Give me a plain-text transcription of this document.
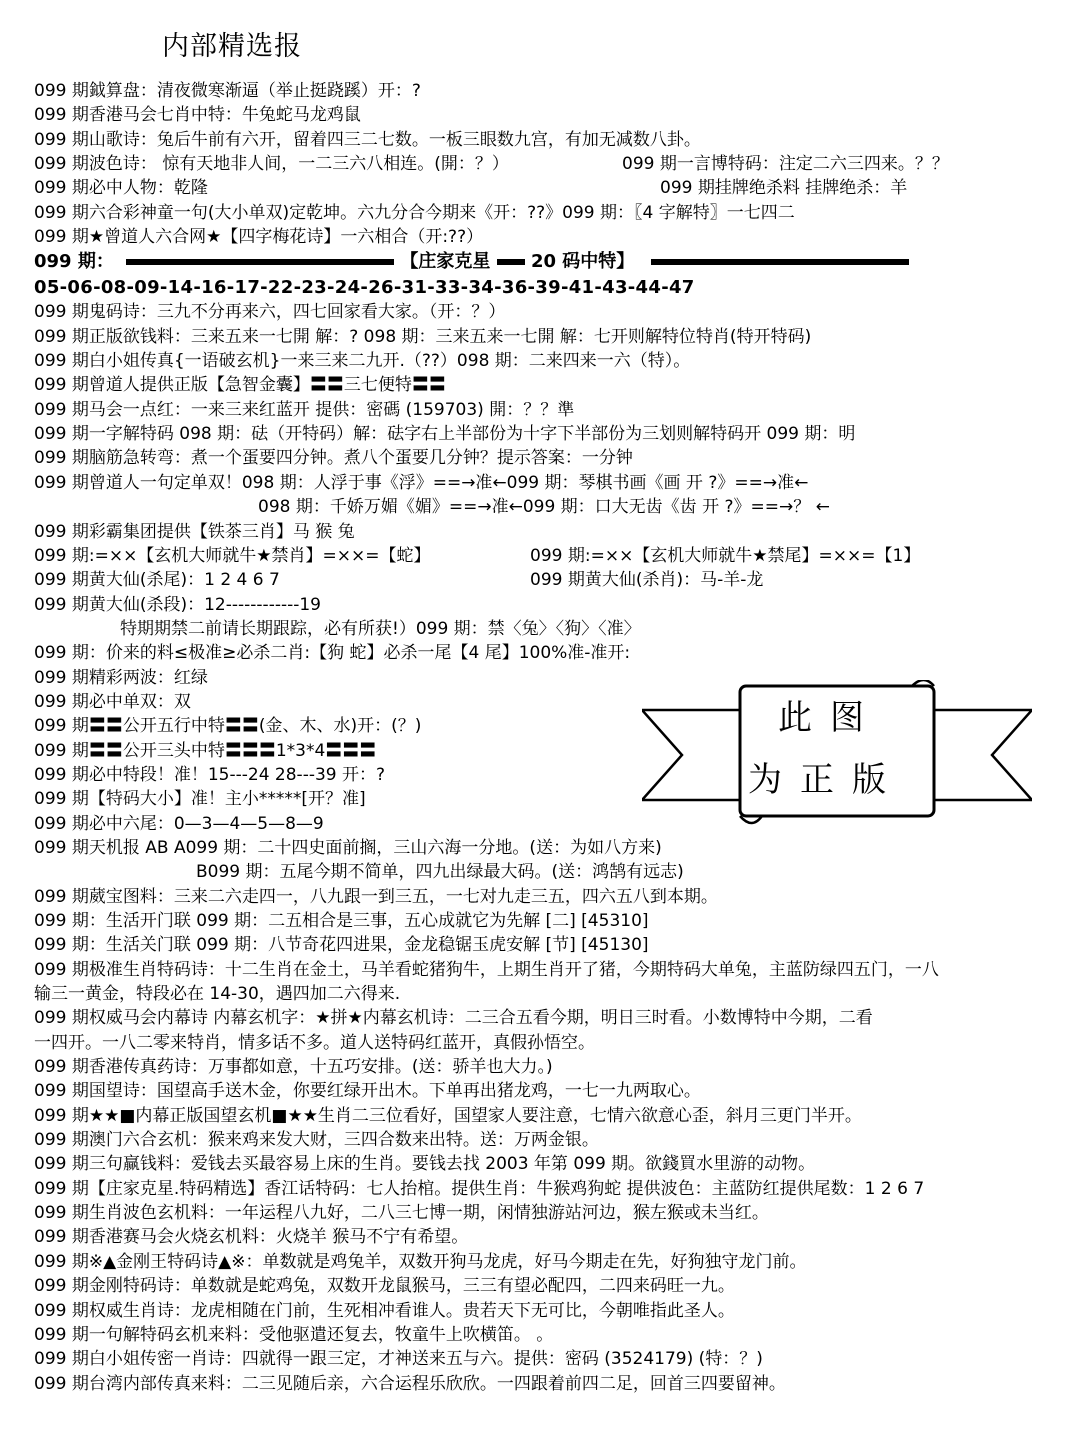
内部精选报
099 期鉞算盘：清夜微寒渐逼（举止挺跷蹊）开：?
099 期香港马会七肖中特：牛兔蛇马龙鸡鼠
099 期山歌诗：兔后牛前有六开，留着四三二七数。一板三眼数九宫，有加无减数八卦。
099 期波色诗： 惊有天地非人间，一二三六八相连。(開：？）	099 期一言博特码：注定二六三四来。？？
099 期必中人物：乾隆	099 期挂牌绝杀料 挂牌绝杀：羊
099 期六合彩神童一句(大小单双)定乾坤。六九分合今期来《开：??》099 期：〖4 字解特〗一七四二
099 期★曾道人六合网★【四字梅花诗】一六相合（开:??）
099 期：	【庄家克星 20 码中特】
05-06-08-09-14-16-17-22-23-24-26-31-33-34-36-39-41-43-44-47
099 期鬼码诗：三九不分再来六，四七回家看大家。（开：？）
099 期正版欲钱料：三来五来一七開 解：? 098 期：三来五来一七開 解：七开则解特位特肖(特开特码)
099 期白小姐传真{一语破玄机}一来三来二九开.（??）098 期：二来四来一六（特）。
099 期曾道人提供正版【急智金囊】〓〓三七便特〓〓
099 期马会一点红：一来三来红蓝开 提供：密碼 (159703) 開：？？準
099 期一字解特码 098 期：砝（开特码）解：砝字右上半部份为十字下半部份为三划则解特码开 099 期：明
099 期脑筋急转弯：煮一个蛋要四分钟。煮八个蛋要几分钟？提示答案：一分钟
099 期曾道人一句定单双！098 期：人浮于事《浮》==→准←099 期：琴棋书画《画 开 ?》==→准←
098 期：千娇万媚《媚》==→准←099 期：口大无齿《齿 开 ?》==→？ ←
099 期彩霸集团提供【铁茶三肖】马 猴 兔
099 期:=××【玄机大师就牛★禁肖】=××=【蛇】	099 期:=××【玄机大师就牛★禁尾】=××=【1】
099 期黄大仙(杀尾)：1 2 4 6 7	099 期黄大仙(杀肖)：马-羊-龙
099 期黄大仙(杀段)：12------------19
特期期禁二前请长期跟踪，必有所获!）099 期：禁〈兔〉〈狗〉〈准〉
099 期：价来的料≤极准≥必杀二肖:【狗 蛇】必杀一尾【4 尾】100%准-准开:
099 期精彩两波：红绿
099 期必中单双：双
099 期〓〓公开五行中特〓〓(金、木、水)开：(？)
099 期〓〓公开三头中特〓〓〓1*3*4〓〓〓
099 期必中特段！准！15---24 28---39 开：?
099 期【特码大小】准！主小*****[开？准]
099 期必中六尾：0—3—4—5—8—9
099 期天机报 AB A099 期：二十四史面前搁，三山六海一分地。(送：为如八方来)
B099 期：五尾今期不简单，四九出绿最大码。(送：鸿鹄有远志)
099 期葳宝图料：三来二六走四一，八九跟一到三五，一七对九走三五，四六五八到本期。
099 期：生活开门联 099 期：二五相合是三事，五心成就它为先解 [二] [45310]
099 期：生活关门联 099 期：八节奇花四进果，金龙稳锯玉虎安解 [节] [45130]
099 期极准生肖特码诗：十二生肖在金土，马羊看蛇猪狗牛，上期生肖开了猪，今期特码大单兔，主蓝防绿四五门，一八
输三一黄金，特段必在 14-30，遇四加二六得来.
099 期权威马会内幕诗 内幕玄机字：★拼★内幕玄机诗：二三合五看今期，明日三时看。小数博特中今期，二看
一四开。一八二零来特肖，情多话不多。道人送特码红蓝开，真假孙悟空。
099 期香港传真药诗：万事都如意，十五巧安排。(送：骄羊也大力。)
099 期国望诗：国望高手送木金，你要红绿开出木。下单再出猪龙鸡，一七一九两取心。
099 期★★■内幕正版国望玄机■★★生肖二三位看好，国望家人要注意，七情六欲意心歪，斜月三更门半开。
099 期澳门六合玄机：猴来鸡来发大财，三四合数来出特。送：万两金银。
099 期三句赢钱料：爱钱去买最容易上床的生肖。要钱去找 2003 年第 099 期。欲錢買水里游的动物。
099 期【庄家克星.特码精选】香江话特码：七人抬棺。提供生肖：牛猴鸡狗蛇 提供波色：主蓝防红提供尾数：1 2 6 7
099 期生肖波色玄机料：一年运程八九好，二八三七博一期，闲情独游站河边，猴左猴或未当红。
099 期香港赛马会火烧玄机料：火烧羊 猴马不宁有希望。
099 期※▲金刚王特码诗▲※：单数就是鸡兔羊，双数开狗马龙虎，好马今期走在先，好狗独守龙门前。
099 期金刚特码诗：单数就是蛇鸡兔，双数开龙鼠猴马，三三有望必配四，二四来码旺一九。
099 期权威生肖诗：龙虎相随在门前，生死相冲看谁人。贵若天下无可比，今朝唯指此圣人。
099 期一句解特码玄机来料：受他驱遣还复去，牧童牛上吹横笛。 。
099 期白小姐传密一肖诗：四就得一跟三定，才神送来五与六。提供：密码 (3524179) (特：？)
099 期台湾内部传真来料：二三见随后亲，六合运程乐欣欣。一四跟着前四二足，回首三四要留神。
此图
为正版
